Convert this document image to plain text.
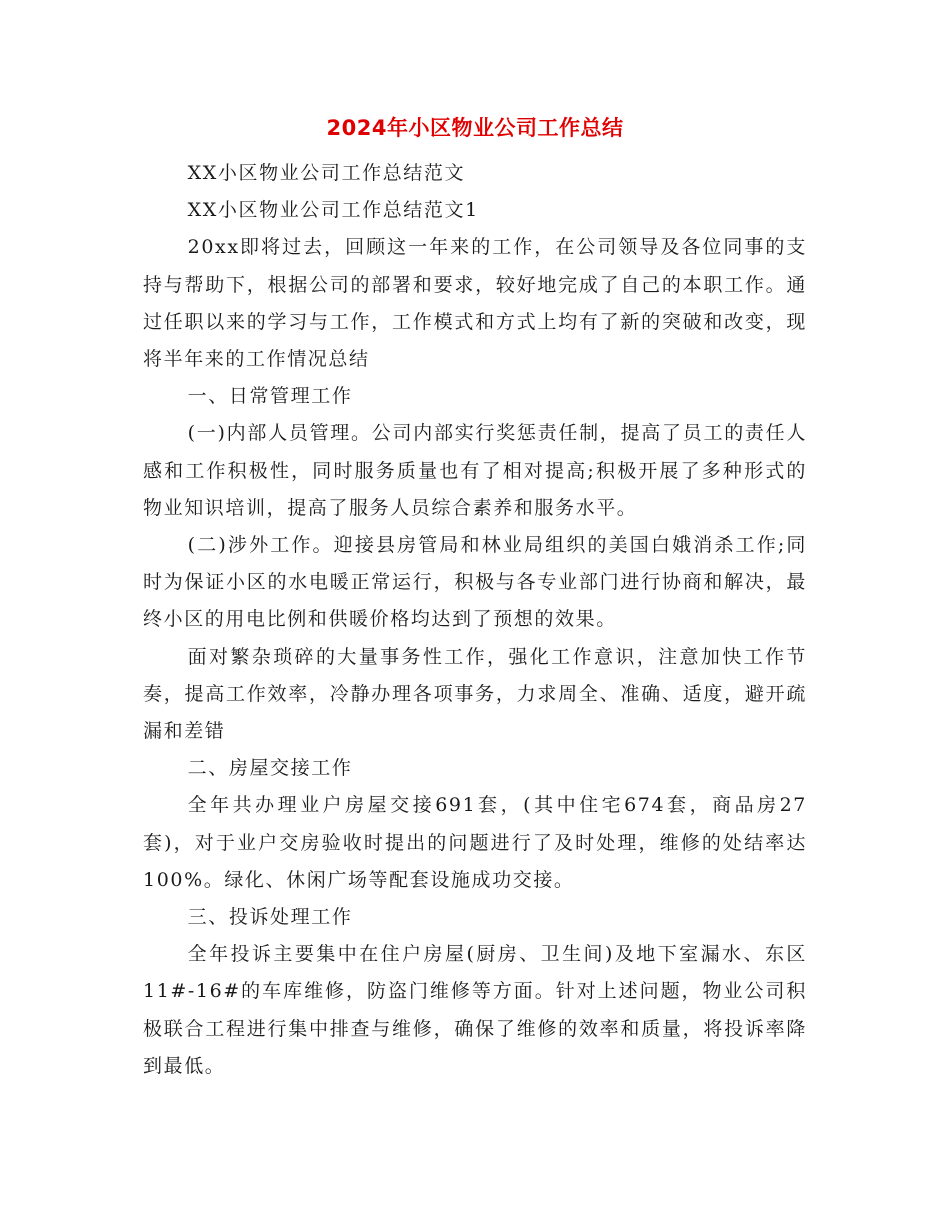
2024年小区物业公司工作总结

XX小区物业公司工作总结范文

XX小区物业公司工作总结范文1

20xx即将过去，回顾这一年来的工作，在公司领导及各位同事的支持与帮助下，根据公司的部署和要求，较好地完成了自己的本职工作。通过任职以来的学习与工作，工作模式和方式上均有了新的突破和改变，现将半年来的工作情况总结

一、日常管理工作

(一)内部人员管理。公司内部实行奖惩责任制，提高了员工的责任人感和工作积极性，同时服务质量也有了相对提高;积极开展了多种形式的物业知识培训，提高了服务人员综合素养和服务水平。

(二)涉外工作。迎接县房管局和林业局组织的美国白娥消杀工作;同时为保证小区的水电暖正常运行，积极与各专业部门进行协商和解决，最终小区的用电比例和供暖价格均达到了预想的效果。

面对繁杂琐碎的大量事务性工作，强化工作意识，注意加快工作节奏，提高工作效率，冷静办理各项事务，力求周全、准确、适度，避开疏漏和差错

二、房屋交接工作

全年共办理业户房屋交接691套，(其中住宅674套，商品房27套)，对于业户交房验收时提出的问题进行了及时处理，维修的处结率达100%。绿化、休闲广场等配套设施成功交接。

三、投诉处理工作

全年投诉主要集中在住户房屋(厨房、卫生间)及地下室漏水、东区11#-16#的车库维修，防盗门维修等方面。针对上述问题，物业公司积极联合工程进行集中排查与维修，确保了维修的效率和质量，将投诉率降到最低。
